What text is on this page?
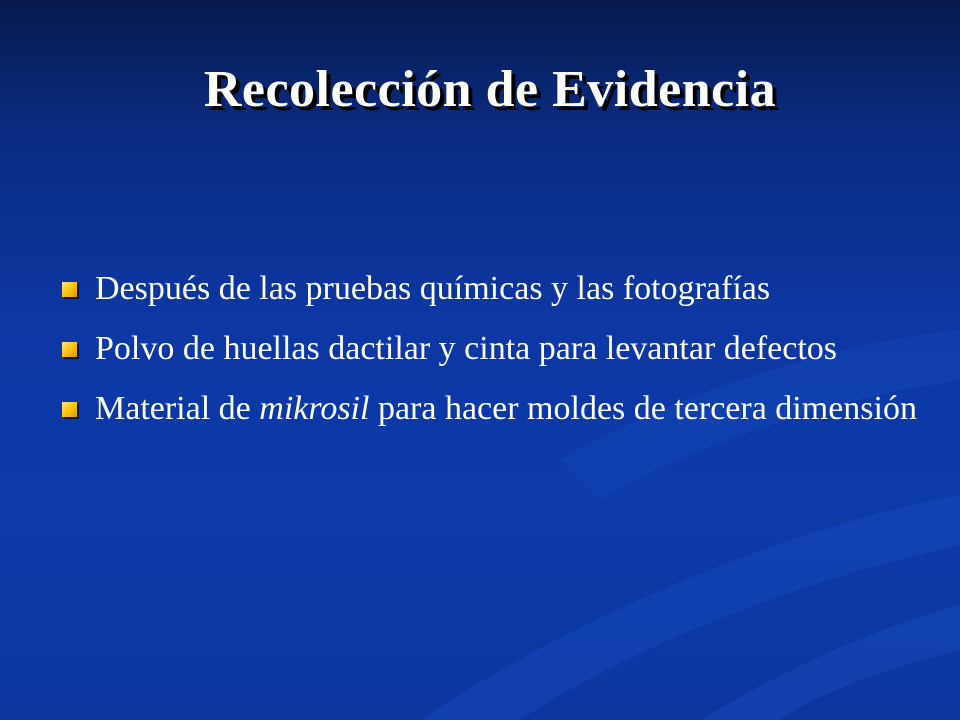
Recolección de Evidencia
Después de las pruebas químicas y las fotografías
Polvo de huellas dactilar y cinta para levantar defectos
Material de mikrosil para hacer moldes de tercera dimensión
